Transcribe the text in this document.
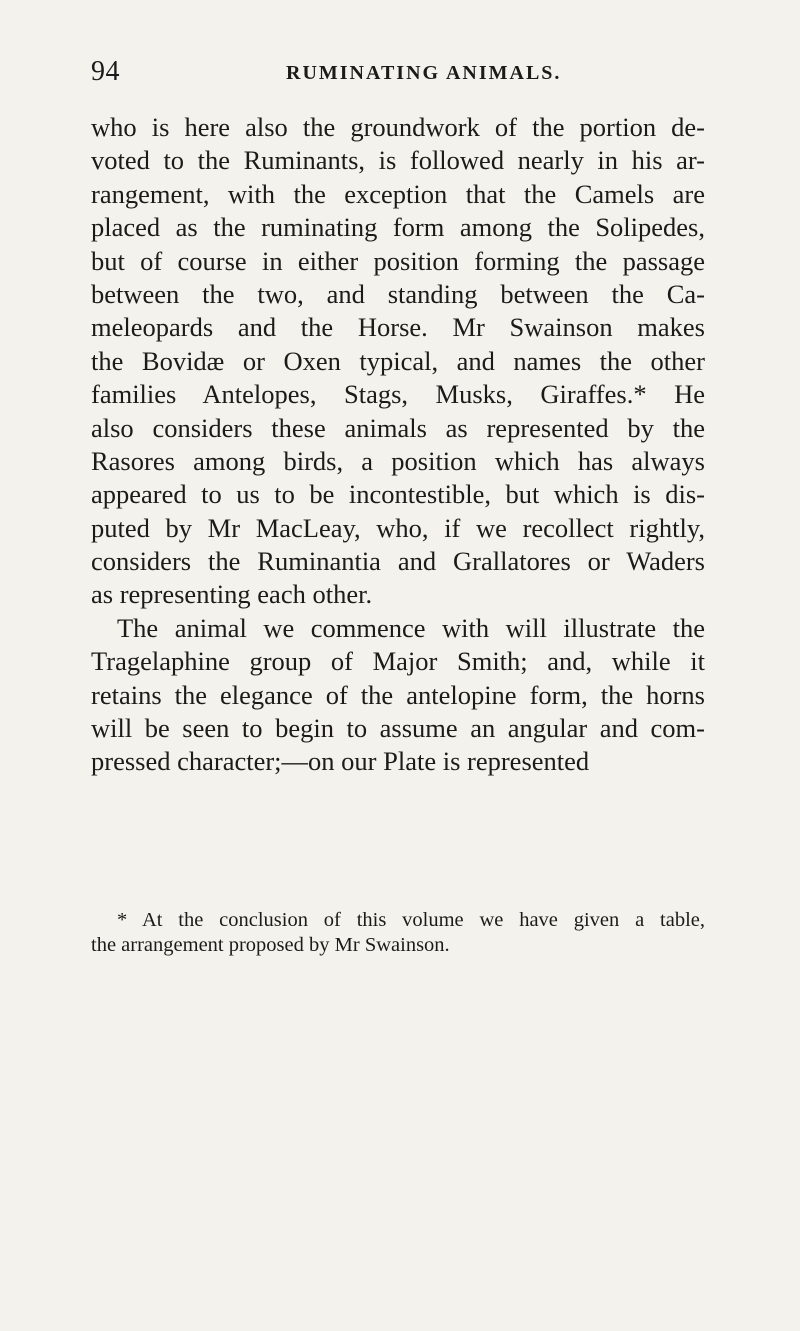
94	RUMINATING ANIMALS.
who is here also the groundwork of the portion de-
voted to the Ruminants, is followed nearly in his ar-
rangement, with the exception that the Camels are
placed as the ruminating form among the Solipedes,
but of course in either position forming the passage
between the two, and standing between the Ca-
meleopards and the Horse. Mr Swainson makes
the Bovidæ or Oxen typical, and names the other
families Antelopes, Stags, Musks, Giraffes.* He
also considers these animals as represented by the
Rasores among birds, a position which has always
appeared to us to be incontestible, but which is dis-
puted by Mr MacLeay, who, if we recollect rightly,
considers the Ruminantia and Grallatores or Waders
as representing each other.
The animal we commence with will illustrate the
Tragelaphine group of Major Smith; and, while it
retains the elegance of the antelopine form, the horns
will be seen to begin to assume an angular and com-
pressed character;—on our Plate is represented
* At the conclusion of this volume we have given a table,
the arrangement proposed by Mr Swainson.
